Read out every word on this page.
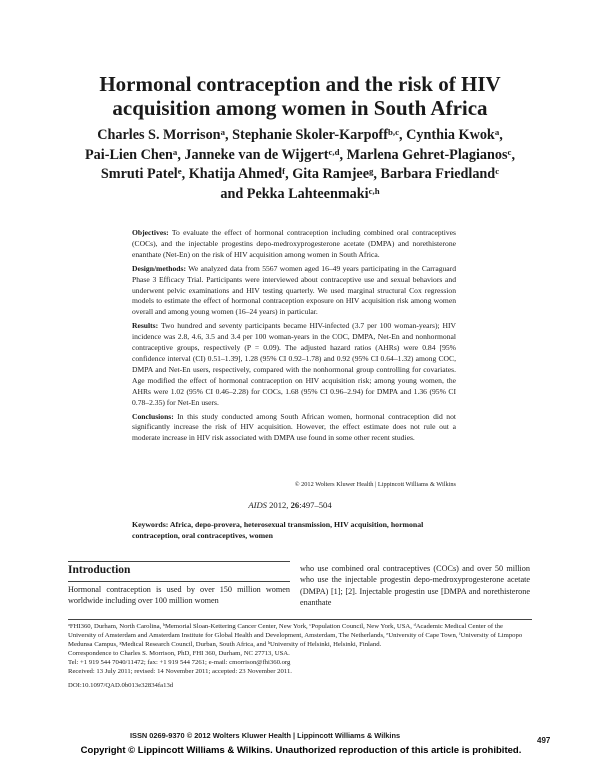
Hormonal contraception and the risk of HIV
acquisition among women in South Africa
Charles S. Morrison$^a$, Stephanie Skoler-Karpoff$^{b,c}$, Cynthia Kwok$^a$,
Pai-Lien Chen$^a$, Janneke van de Wijgert$^{c,d}$, Marlena Gehret-Plagianos$^c$,
Smruti Patel$^e$, Khatija Ahmed$^f$, Gita Ramjee$^g$, Barbara Friedland$^c$
and Pekka Lahteenmaki$^{c,h}$

Objectives: To evaluate the effect of hormonal contraception including combined oral contraceptives (COCs), and the injectable progestins depo-medroxyprogesterone acetate (DMPA) and norethisterone enanthate (Net-En) on the risk of HIV acquisition among women in South Africa.

Design/methods: We analyzed data from 5567 women aged 16–49 years participating in the Carraguard Phase 3 Efficacy Trial. Participants were interviewed about contraceptive use and sexual behaviors and underwent pelvic examinations and HIV testing quarterly. We used marginal structural Cox regression models to estimate the effect of hormonal contraception exposure on HIV acquisition risk among women overall and among young women (16–24 years) in particular.

Results: Two hundred and seventy participants became HIV-infected (3.7 per 100 woman-years); HIV incidence was 2.8, 4.6, 3.5 and 3.4 per 100 woman-years in the COC, DMPA, Net-En and nonhormonal contraceptive groups, respectively (P = 0.09). The adjusted hazard ratios (AHRs) were 0.84 [95% confidence interval (CI) 0.51–1.39], 1.28 (95% CI 0.92–1.78) and 0.92 (95% CI 0.64–1.32) among COC, DMPA and Net-En users, respectively, compared with the nonhormonal group controlling for covariates. Age modified the effect of hormonal contraception on HIV acquisition risk; among young women, the AHRs were 1.02 (95% CI 0.46–2.28) for COCs, 1.68 (95% CI 0.96–2.94) for DMPA and 1.36 (95% CI 0.78–2.35) for Net-En users.

Conclusions: In this study conducted among South African women, hormonal contraception did not significantly increase the risk of HIV acquisition. However, the effect estimate does not rule out a moderate increase in HIV risk associated with DMPA use found in some other recent studies.

© 2012 Wolters Kluwer Health | Lippincott Williams & Wilkins
AIDS 2012, 26:497–504
Keywords: Africa, depo-provera, heterosexual transmission, HIV acquisition, hormonal contraception, oral contraceptives, women
Introduction
Hormonal contraception is used by over 150 million women worldwide including over 100 million women
who use combined oral contraceptives (COCs) and over 50 million who use the injectable progestin depo-medroxyprogesterone acetate (DMPA) [1]; [2]. Injectable progestin use [DMPA and norethisterone enanthate
$^a$FHI360, Durham, North Carolina, $^b$Memorial Sloan-Kettering Cancer Center, New York, $^c$Population Council, New York, USA, $^d$Academic Medical Center of the University of Amsterdam and Amsterdam Institute for Global Health and Development, Amsterdam, The Netherlands, $^e$University of Cape Town, $^f$University of Limpopo Medunsa Campus, $^g$Medical Research Council, Durban, South Africa, and $^h$University of Helsinki, Helsinki, Finland.
Correspondence to Charles S. Morrison, PhD, FHI 360, Durham, NC 27713, USA.
Tel: +1 919 544 7040/11472; fax: +1 919 544 7261; e-mail: cmorrison@fhi360.org
Received: 13 July 2011; revised: 14 November 2011; accepted: 23 November 2011.
DOI:10.1097/QAD.0b013e32834fa13d
ISSN 0269-9370 © 2012 Wolters Kluwer Health | Lippincott Williams & Wilkins
497
Copyright © Lippincott Williams & Wilkins. Unauthorized reproduction of this article is prohibited.
